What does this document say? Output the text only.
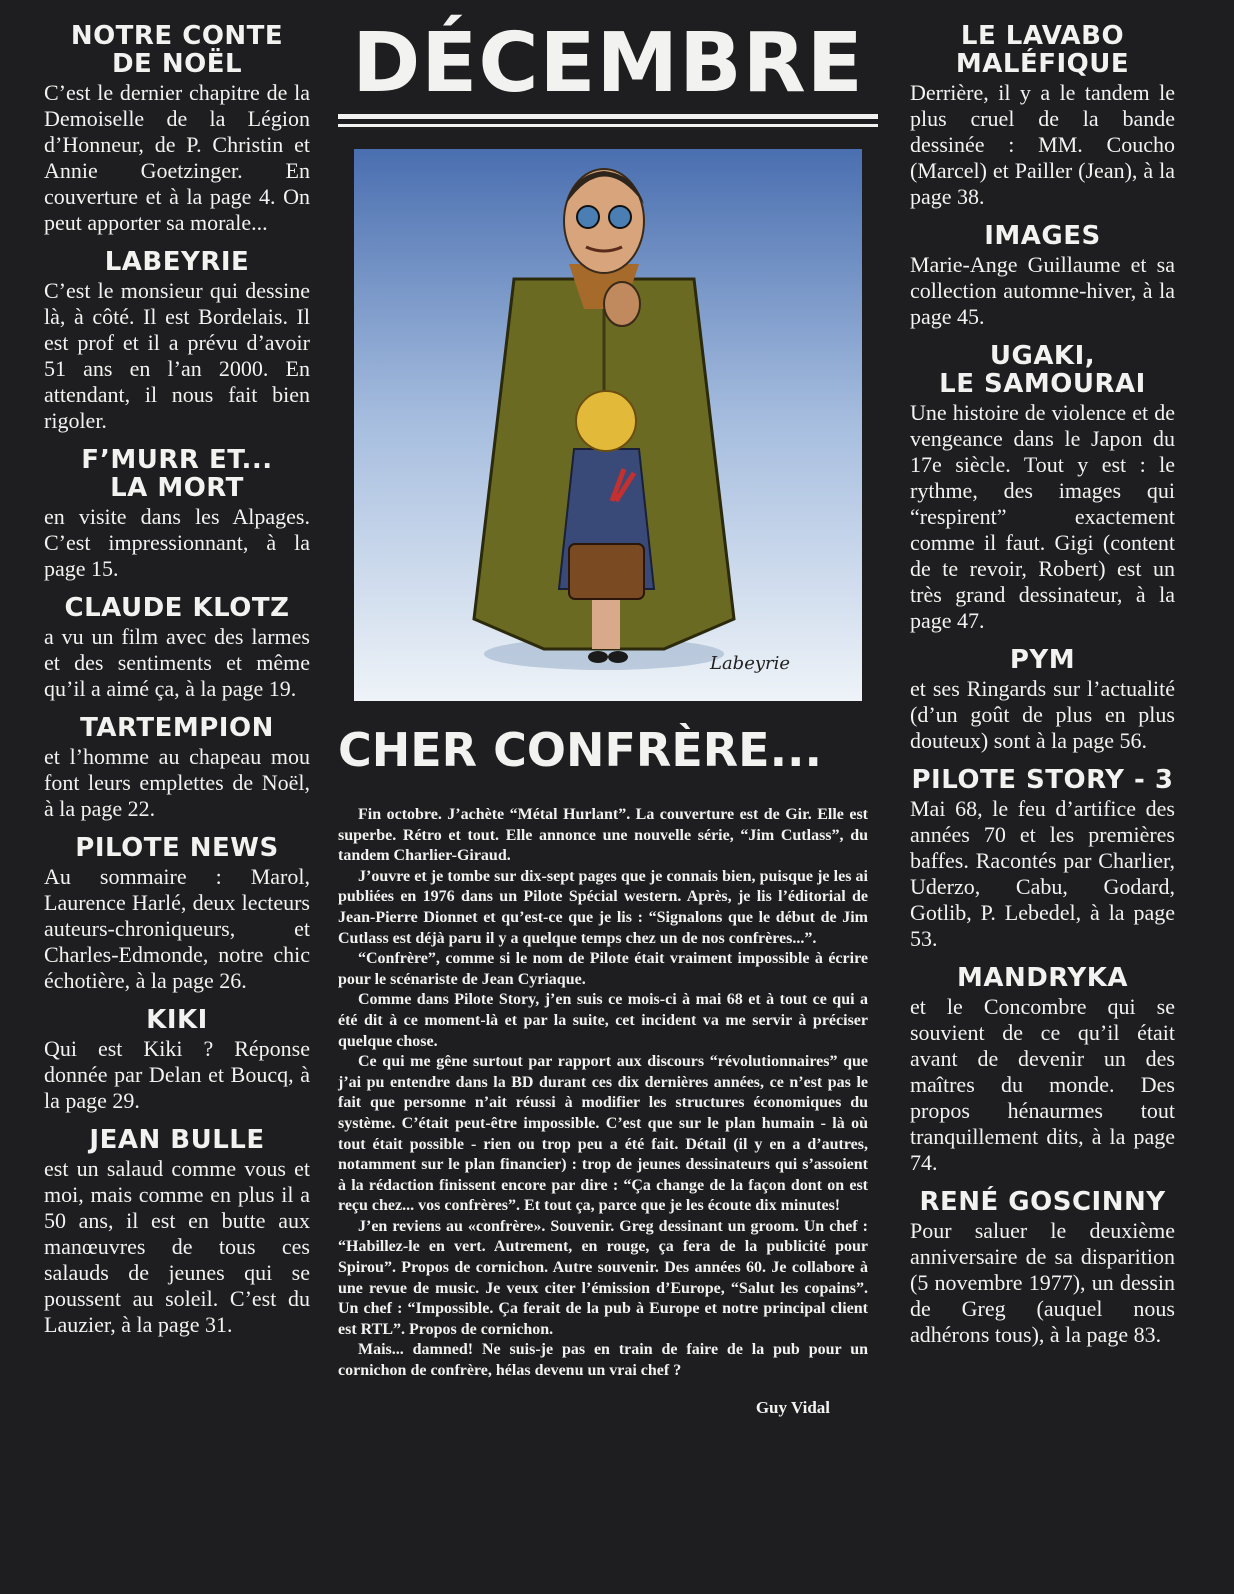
NOTRE CONTE
DE NOËL

C’est le dernier chapitre de la Demoiselle de la Légion d’Honneur, de P. Christin et Annie Goetzinger. En couverture et à la page 4. On peut apporter sa morale...

LABEYRIE

C’est le monsieur qui dessine là, à côté. Il est Bordelais. Il est prof et il a prévu d’avoir 51 ans en l’an 2000. En attendant, il nous fait bien rigoler.

F’MURR ET...
LA MORT

en visite dans les Alpages. C’est impressionnant, à la page 15.

CLAUDE KLOTZ

a vu un film avec des larmes et des sentiments et même qu’il a aimé ça, à la page 19.

TARTEMPION

et l’homme au chapeau mou font leurs emplettes de Noël, à la page 22.

PILOTE NEWS

Au sommaire : Marol, Laurence Harlé, deux lecteurs auteurs-chroniqueurs, et Charles-Edmonde, notre chic échotière, à la page 26.

KIKI

Qui est Kiki ? Réponse donnée par Delan et Boucq, à la page 29.

JEAN BULLE

est un salaud comme vous et moi, mais comme en plus il a 50 ans, il est en butte aux manœuvres de tous ces salauds de jeunes qui se poussent au soleil. C’est du Lauzier, à la page 31.

DÉCEMBRE
Labeyrie
CHER CONFRÈRE...

Fin octobre. J’achète “Métal Hurlant”. La couverture est de Gir. Elle est superbe. Rétro et tout. Elle annonce une nouvelle série, “Jim Cutlass”, du tandem Charlier-Giraud.

J’ouvre et je tombe sur dix-sept pages que je connais bien, puisque je les ai publiées en 1976 dans un Pilote Spécial western. Après, je lis l’éditorial de Jean-Pierre Dionnet et qu’est-ce que je lis : “Signalons que le début de Jim Cutlass est déjà paru il y a quelque temps chez un de nos confrères...”.

“Confrère”, comme si le nom de Pilote était vraiment impossible à écrire pour le scénariste de Jean Cyriaque.

Comme dans Pilote Story, j’en suis ce mois-ci à mai 68 et à tout ce qui a été dit à ce moment-là et par la suite, cet incident va me servir à préciser quelque chose.

Ce qui me gêne surtout par rapport aux discours “révolutionnaires” que j’ai pu entendre dans la BD durant ces dix dernières années, ce n’est pas le fait que personne n’ait réussi à modifier les structures économiques du système. C’était peut-être impossible. C’est que sur le plan humain - là où tout était possible - rien ou trop peu a été fait. Détail (il y en a d’autres, notamment sur le plan financier) : trop de jeunes dessinateurs qui s’assoient à la rédaction finissent encore par dire : “Ça change de la façon dont on est reçu chez... vos confrères”. Et tout ça, parce que je les écoute dix minutes!

J’en reviens au «confrère». Souvenir. Greg dessinant un groom. Un chef : “Habillez-le en vert. Autrement, en rouge, ça fera de la publicité pour Spirou”. Propos de cornichon. Autre souvenir. Des années 60. Je collabore à une revue de music. Je veux citer l’émission d’Europe, “Salut les copains”. Un chef : “Impossible. Ça ferait de la pub à Europe et notre principal client est RTL”. Propos de cornichon.

Mais... damned! Ne suis-je pas en train de faire de la pub pour un cornichon de confrère, hélas devenu un vrai chef ?

Guy Vidal
LE LAVABO
MALÉFIQUE

Derrière, il y a le tandem le plus cruel de la bande dessinée : MM. Coucho (Marcel) et Pailler (Jean), à la page 38.

IMAGES

Marie-Ange Guillaume et sa collection automne-hiver, à la page 45.

UGAKI,
LE SAMOURAI

Une histoire de violence et de vengeance dans le Japon du 17e siècle. Tout y est : le rythme, des images qui “respirent” exactement comme il faut. Gigi (content de te revoir, Robert) est un très grand dessinateur, à la page 47.

PYM

et ses Ringards sur l’actualité (d’un goût de plus en plus douteux) sont à la page 56.

PILOTE STORY - 3

Mai 68, le feu d’artifice des années 70 et les premières baffes. Racontés par Charlier, Uderzo, Cabu, Godard, Gotlib, P. Lebedel, à la page 53.

MANDRYKA

et le Concombre qui se souvient de ce qu’il était avant de devenir un des maîtres du monde. Des propos hénaurmes tout tranquillement dits, à la page 74.

RENÉ GOSCINNY

Pour saluer le deuxième anniversaire de sa disparition (5 novembre 1977), un dessin de Greg (auquel nous adhérons tous), à la page 83.
